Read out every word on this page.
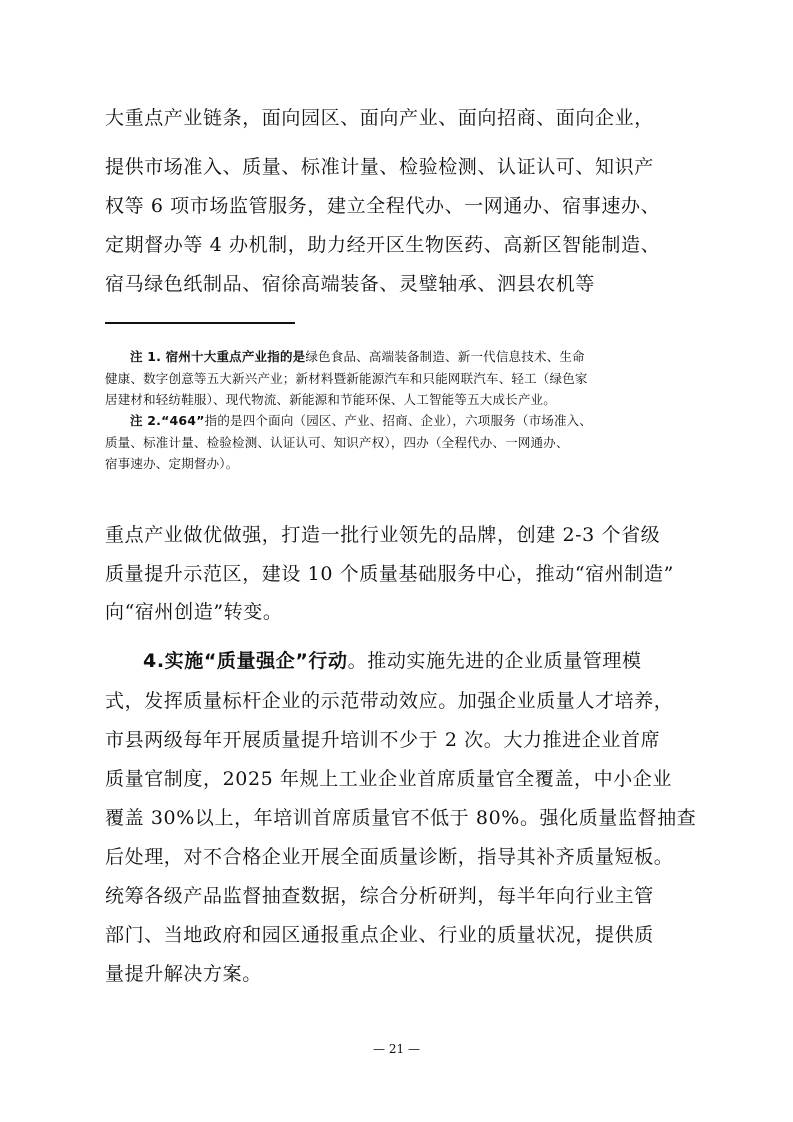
大重点产业链条，面向园区、面向产业、面向招商、面向企业，
提供市场准入、质量、标准计量、检验检测、认证认可、知识产
权等 6 项市场监管服务，建立全程代办、一网通办、宿事速办、
定期督办等 4 办机制，助力经开区生物医药、高新区智能制造、
宿马绿色纸制品、宿徐高端装备、灵璧轴承、泗县农机等
注 1. 宿州十大重点产业指的是绿色食品、高端装备制造、新一代信息技术、生命
健康、数字创意等五大新兴产业；新材料暨新能源汽车和只能网联汽车、轻工（绿色家
居建材和轻纺鞋服）、现代物流、新能源和节能环保、人工智能等五大成长产业。
注 2.“464”指的是四个面向（园区、产业、招商、企业），六项服务（市场准入、
质量、标准计量、检验检测、认证认可、知识产权），四办（全程代办、一网通办、
宿事速办、定期督办）。
重点产业做优做强，打造一批行业领先的品牌，创建 2-3 个省级
质量提升示范区，建设 10 个质量基础服务中心，推动“宿州制造”
向“宿州创造”转变。
4.实施“质量强企”行动。推动实施先进的企业质量管理模
式，发挥质量标杆企业的示范带动效应。加强企业质量人才培养，
市县两级每年开展质量提升培训不少于 2 次。大力推进企业首席
质量官制度，2025 年规上工业企业首席质量官全覆盖，中小企业
覆盖 30%以上，年培训首席质量官不低于 80%。强化质量监督抽查
后处理，对不合格企业开展全面质量诊断，指导其补齐质量短板。
统筹各级产品监督抽查数据，综合分析研判，每半年向行业主管
部门、当地政府和园区通报重点企业、行业的质量状况，提供质
量提升解决方案。
— 21 —
